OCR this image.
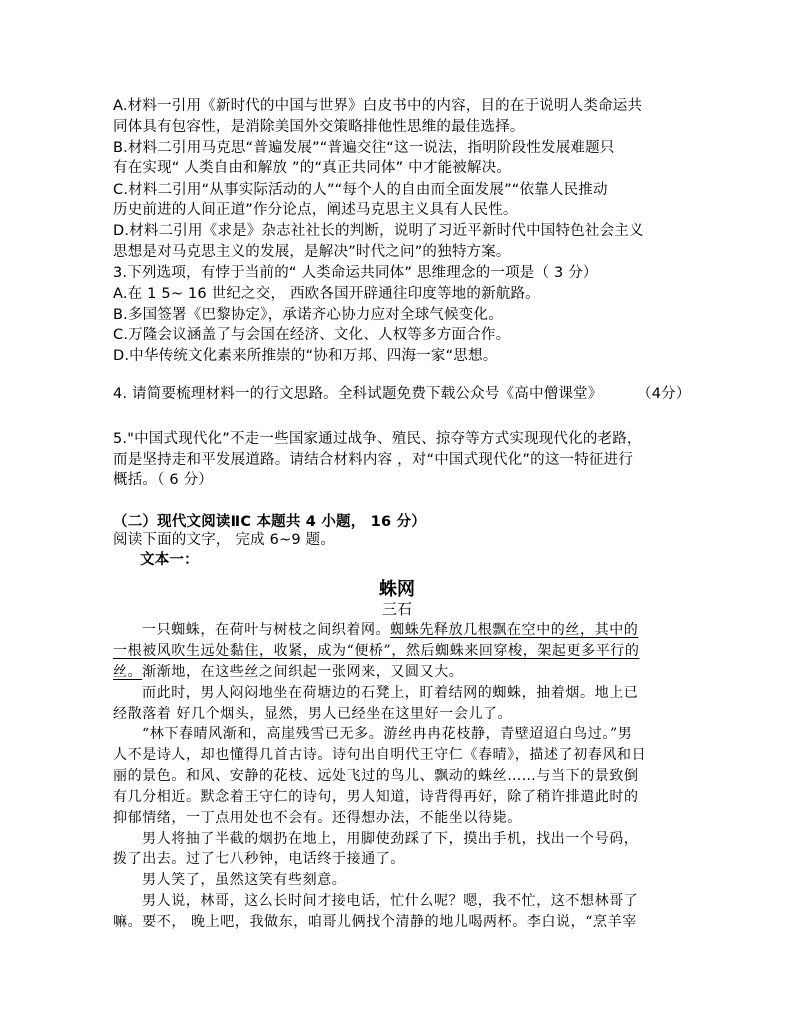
A.材料一引用《新时代的中国与世界》白皮书中的内容，目的在于说明人类命运共
同体具有包容性，是消除美国外交策略排他性思维的最佳选择。
B.材料二引用马克思“普遍发展”“普遍交往“这一说法，指明阶段性发展难题只
有在实现“ 人类自由和解放 ”的“真正共同体” 中才能被解决。
C.材料二引用“从事实际活动的人”“每个人的自由而全面发展”“依靠人民推动
历史前进的人间正道”作分论点，阐述马克思主义具有人民性。
D.材料二引用《求是》杂志社社长的判断，说明了习近平新时代中国特色社会主义
思想是对马克思主义的发展，是解决”时代之问”的独特方案。
3.下列选项，有悖于当前的“ 人类命运共同体” 思维理念的一项是（ 3 分）
A.在 1 5~ 16 世纪之交， 西欧各国开辟通往印度等地的新航路。
B.多国签署《巴黎协定》，承诺齐心协力应对全球气候变化。
C.万隆会议涵盖了与会国在经济、文化、人权等多方面合作。
D.中华传统文化素来所推崇的“协和万邦、四海一家“思想。
4. 请简要梳理材料一的行文思路。全科试题免费下载公众号《高中僧课堂》 （4分）
5."中国式现代化”不走一些国家通过战争、殖民、掠夺等方式实现现代化的老路，
而是坚持走和平发展道路。请结合材料内容 ，对“中国式现代化”的这一特征进行
概括。（ 6 分）
（二）现代文阅读ⅡC 本题共 4 小题， 16 分）
阅读下面的文字， 完成 6~9 题。
文本一：
蛛网
三石
一只蜘蛛，在荷叶与树枝之间织着网。蜘蛛先释放几根飘在空中的丝，其中的
一根被风吹生远处黏住，收紧，成为“便桥”，然后蜘蛛来回穿梭，架起更多平行的
丝。渐渐地，在这些丝之间织起一张网来，又圆又大。
而此时，男人闷闷地坐在荷塘边的石凳上，盯着结网的蜘蛛，抽着烟。地上已
经散落着 好几个烟头，显然，男人已经坐在这里好一会儿了。
“林下春晴风渐和，高崖残雪已无多。游丝冉冉花枝静，青壁迢迢白鸟过。”男
人不是诗人，却也懂得几首古诗。诗句出自明代王守仁《春晴》，描述了初春风和日
丽的景色。和风、安静的花枝、远处飞过的鸟儿、飘动的蛛丝……与当下的景致倒
有几分相近。默念着王守仁的诗句，男人知道，诗背得再好，除了稍许排遣此时的
抑郁情绪，一丁点用处也不会有。还得想办法，不能坐以待毙。
男人将抽了半截的烟扔在地上，用脚使劲踩了下，摸出手机，找出一个号码，
拨了出去。过了七八秒钟，电话终于接通了。
男人笑了，虽然这笑有些刻意。
男人说，林哥，这么长时间才接电话，忙什么呢？嗯，我不忙，这不想林哥了
嘛。要不， 晚上吧，我做东，咱哥儿俩找个清静的地儿喝两杯。李白说，“烹羊宰
